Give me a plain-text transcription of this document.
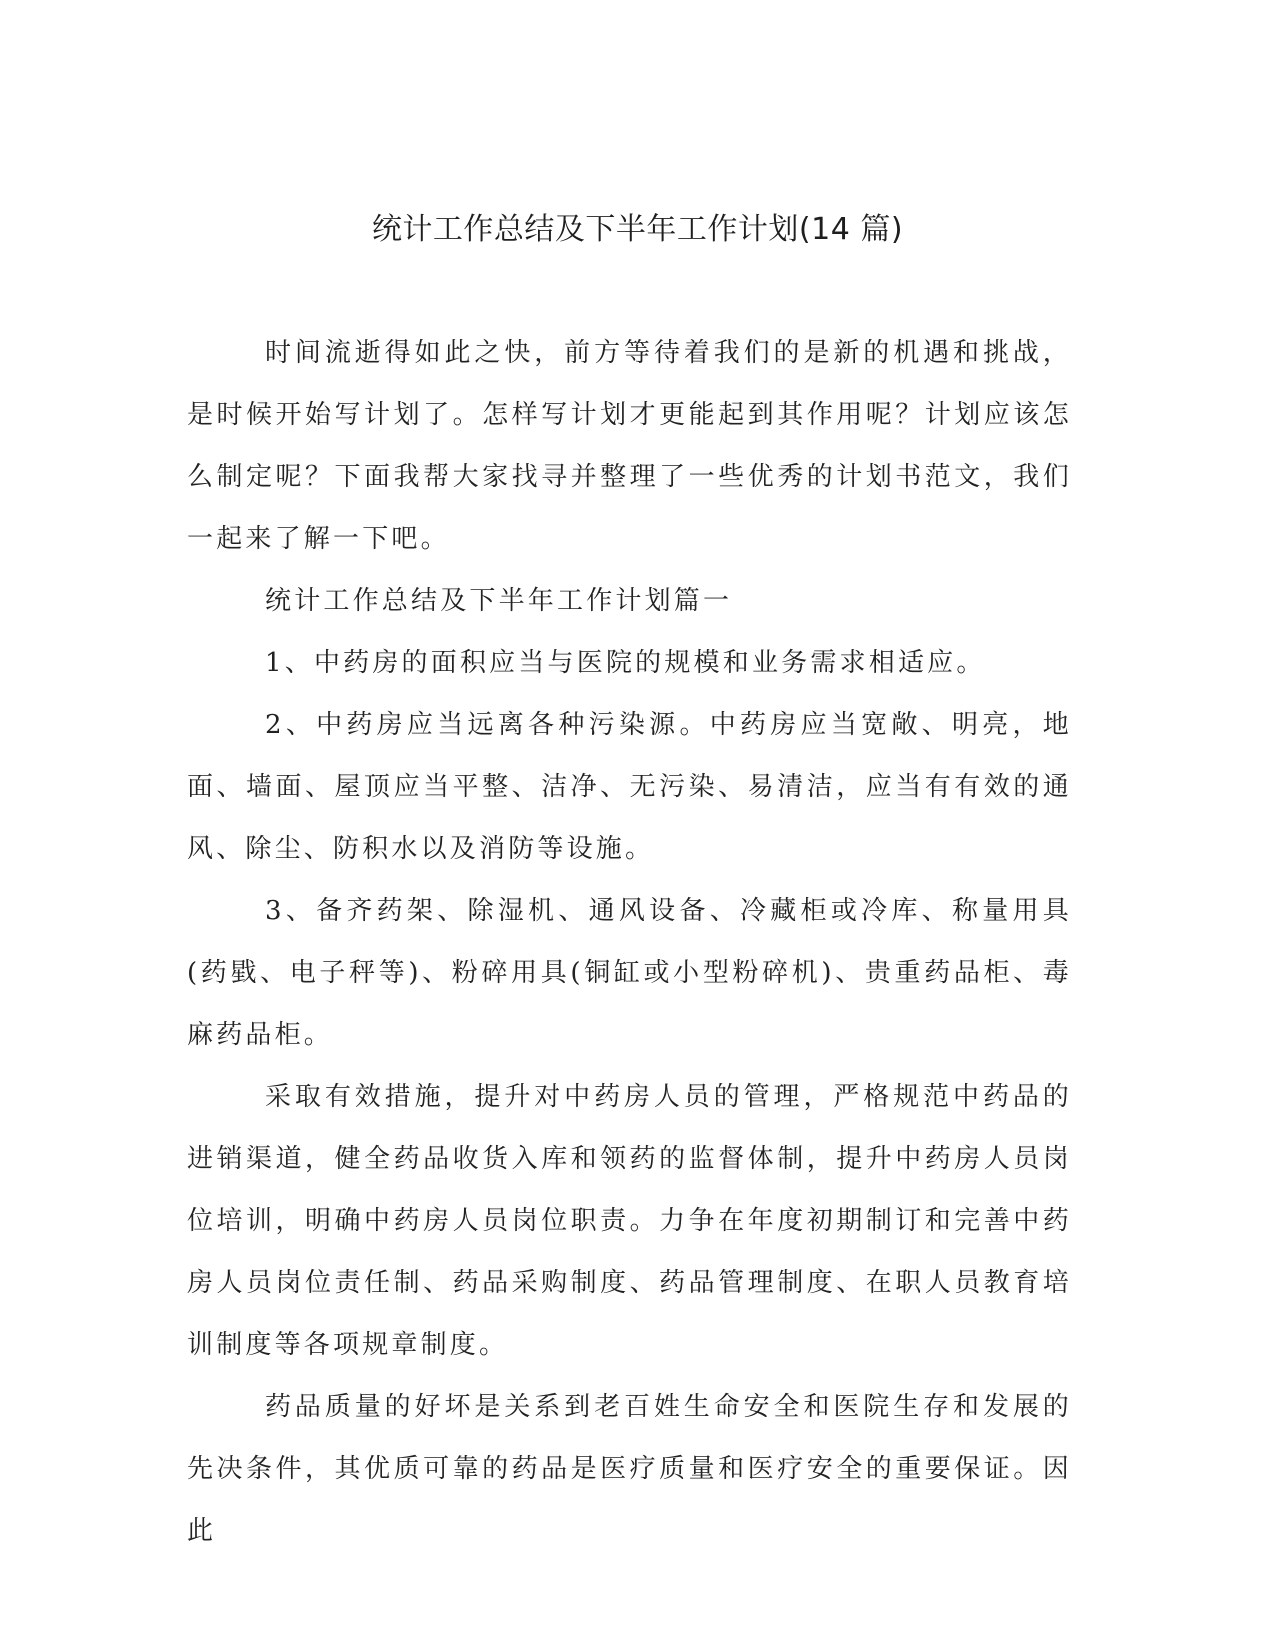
统计工作总结及下半年工作计划(14 篇)

时间流逝得如此之快，前方等待着我们的是新的机遇和挑战，是时候开始写计划了。怎样写计划才更能起到其作用呢？计划应该怎么制定呢？下面我帮大家找寻并整理了一些优秀的计划书范文，我们一起来了解一下吧。

统计工作总结及下半年工作计划篇一

1、中药房的面积应当与医院的规模和业务需求相适应。

2、中药房应当远离各种污染源。中药房应当宽敞、明亮，地面、墙面、屋顶应当平整、洁净、无污染、易清洁，应当有有效的通风、除尘、防积水以及消防等设施。

3、备齐药架、除湿机、通风设备、冷藏柜或冷库、称量用具(药戥、电子秤等)、粉碎用具(铜缸或小型粉碎机)、贵重药品柜、毒麻药品柜。

采取有效措施，提升对中药房人员的管理，严格规范中药品的进销渠道，健全药品收货入库和领药的监督体制，提升中药房人员岗位培训，明确中药房人员岗位职责。力争在年度初期制订和完善中药房人员岗位责任制、药品采购制度、药品管理制度、在职人员教育培训制度等各项规章制度。

药品质量的好坏是关系到老百姓生命安全和医院生存和发展的先决条件，其优质可靠的药品是医疗质量和医疗安全的重要保证。因此
